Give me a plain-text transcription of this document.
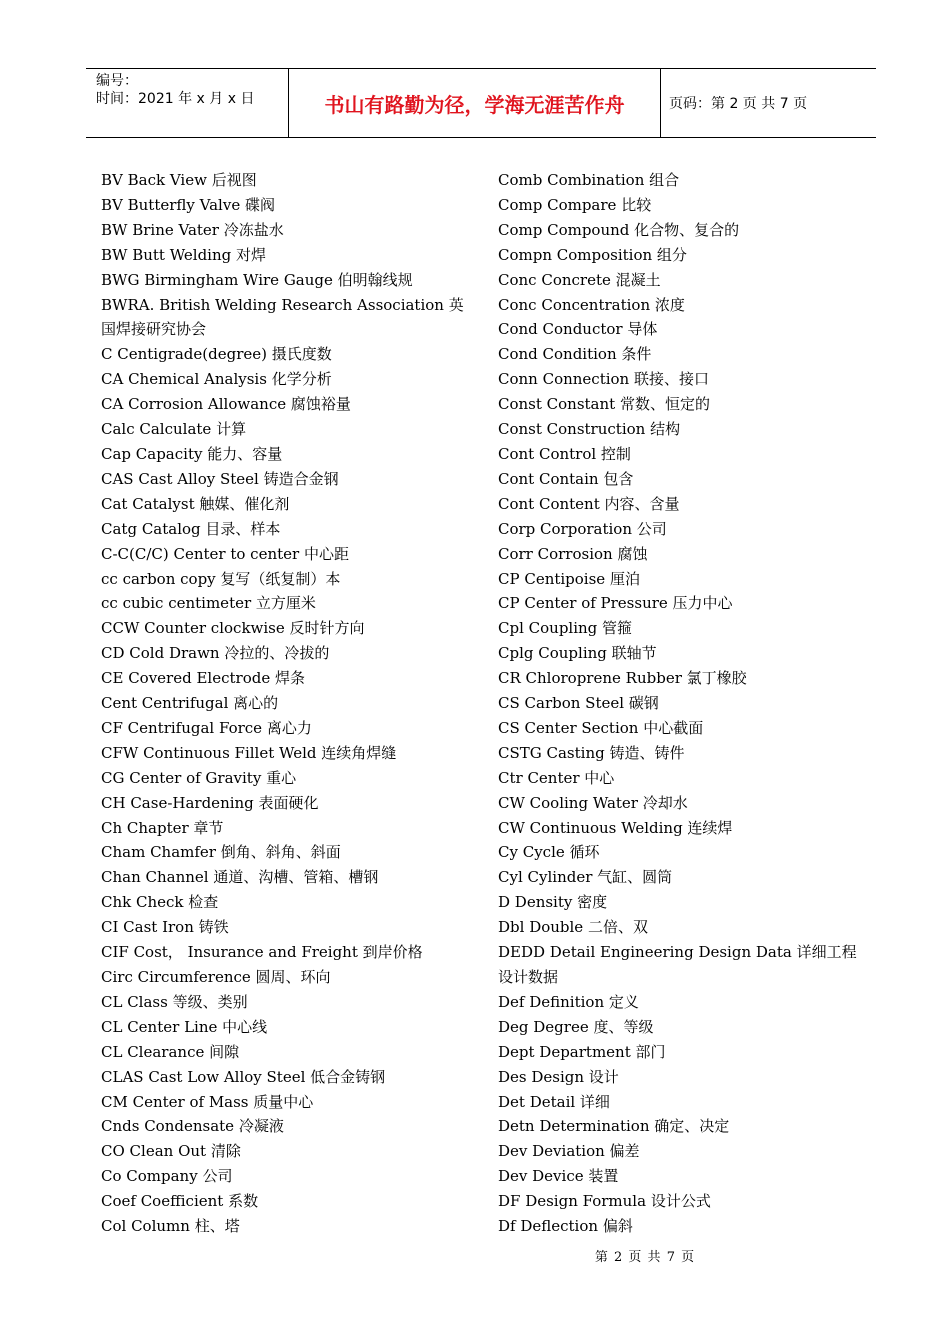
编号：
时间：2021 年 x 月 x 日	书山有路勤为径，学海无涯苦作舟	页码：第 2 页 共 7 页

BV Back View 后视图

BV Butterfly Valve 碟阀

BW Brine Vater 冷冻盐水

BW Butt Welding 对焊

BWG Birmingham Wire Gauge 伯明翰线规

BWRA. British Welding Research Association 英国焊接研究协会

C Centigrade(degree) 摄氏度数

CA Chemical Analysis 化学分析

CA Corrosion Allowance 腐蚀裕量

Calc Calculate 计算

Cap Capacity 能力、容量

CAS Cast Alloy Steel 铸造合金钢

Cat Catalyst 触媒、催化剂

Catg Catalog 目录、样本

C-C(C/C) Center to center 中心距

cc carbon copy 复写（纸复制）本

cc cubic centimeter 立方厘米

CCW Counter clockwise 反时针方向

CD Cold Drawn 冷拉的、冷拔的

CE Covered Electrode 焊条

Cent Centrifugal 离心的

CF Centrifugal Force 离心力

CFW Continuous Fillet Weld 连续角焊缝

CG Center of Gravity 重心

CH Case-Hardening 表面硬化

Ch Chapter 章节

Cham Chamfer 倒角、斜角、斜面

Chan Channel 通道、沟槽、管箱、槽钢

Chk Check 检查

CI Cast Iron 铸铁

CIF Cost， Insurance and Freight 到岸价格

Circ Circumference 圆周、环向

CL Class 等级、类别

CL Center Line 中心线

CL Clearance 间隙

CLAS Cast Low Alloy Steel 低合金铸钢

CM Center of Mass 质量中心

Cnds Condensate 冷凝液

CO Clean Out 清除

Co Company 公司

Coef Coefficient 系数

Col Column 柱、塔

Comb Combination 组合

Comp Compare 比较

Comp Compound 化合物、复合的

Compn Composition 组分

Conc Concrete 混凝土

Conc Concentration 浓度

Cond Conductor 导体

Cond Condition 条件

Conn Connection 联接、接口

Const Constant 常数、恒定的

Const Construction 结构

Cont Control 控制

Cont Contain 包含

Cont Content 内容、含量

Corp Corporation 公司

Corr Corrosion 腐蚀

CP Centipoise 厘泊

CP Center of Pressure 压力中心

Cpl Coupling 管箍

Cplg Coupling 联轴节

CR Chloroprene Rubber 氯丁橡胶

CS Carbon Steel 碳钢

CS Center Section 中心截面

CSTG Casting 铸造、铸件

Ctr Center 中心

CW Cooling Water 冷却水

CW Continuous Welding 连续焊

Cy Cycle 循环

Cyl Cylinder 气缸、圆筒

D Density 密度

Dbl Double 二倍、双

DEDD Detail Engineering Design Data 详细工程设计数据

Def Definition 定义

Deg Degree 度、等级

Dept Department 部门

Des Design 设计

Det Detail 详细

Detn Determination 确定、决定

Dev Deviation 偏差

Dev Device 装置

DF Design Formula 设计公式

Df Deflection 偏斜

第 2 页 共 7 页
